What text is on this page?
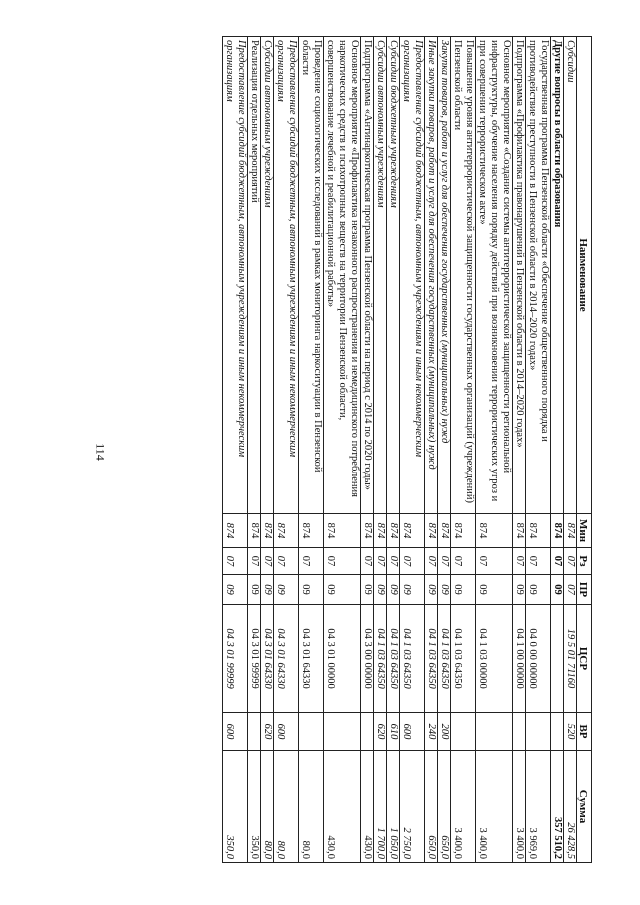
114
Наименование	Мин	Рз	ПР	ЦСР	ВР	Сумма
Субсидии	874	07	07	19 5 01 71160	520	26 428,5
Другие вопросы в области образования	874	07	09			357 510,2
Государственная программа Пензенской области «Обеспечение общественного порядка и противодействие преступности в Пензенской области в 2014–2020 годах»	874	07	09	04 0 00 00000		3 969,0
Подпрограмма «Профилактика правонарушений в Пензенской области в 2014–2020 годах»	874	07	09	04 1 00 00000		3 400,0
Основное мероприятие «Создание системы антитеррористической защищенности региональной инфраструктуры, обучение населения порядку действий при возникновении террористических угроз и при совершении террористическом акте»	874	07	09	04 1 03 00000		3 400,0
Повышение уровня антитеррористической защищенности государственных организаций (учреждений) Пензенской области	874	07	09	04 1 03 64350		3 400,0
Закупка товаров, работ и услуг для обеспечения государственных (муниципальных) нужд	874	07	09	04 1 03 64350	200	650,0
Иные закупки товаров, работ и услуг для обеспечения государственных (муниципальных) нужд	874	07	09	04 1 03 64350	240	650,0
Предоставление субсидий бюджетным, автономным учреждениям и иным некоммерческим организациям	874	07	09	04 1 03 64350	600	2 750,0
Субсидии бюджетным учреждениям	874	07	09	04 1 03 64350	610	1 050,0
Субсидии автономным учреждениям	874	07	09	04 1 03 64350	620	1 700,0
Подпрограмма «Антинаркотическая программа Пензенской области на период с 2014 по 2020 годы»	874	07	09	04 3 00 00000		430,0
Основное мероприятие «Профилактика незаконного распространения и немедицинского потребления наркотических средств и психотропных веществ на территории Пензенской области, совершенствование лечебной и реабилитационной работы»	874	07	09	04 3 01 00000		430,0
Проведение социологических исследований в рамках мониторинга наркоситуации в Пензенской области	874	07	09	04 3 01 64330		80,0
Предоставление субсидий бюджетным, автономным учреждениям и иным некоммерческим организациям	874	07	09	04 3 01 64330	600	80,0
Субсидии автономным учреждениям	874	07	09	04 3 01 64330	620	80,0
Реализация отдельных мероприятий	874	07	09	04 3 01 99999		350,0
Предоставление субсидий бюджетным, автономным учреждениям и иным некоммерческим организациям	874	07	09	04 3 01 99999	600	350,0
